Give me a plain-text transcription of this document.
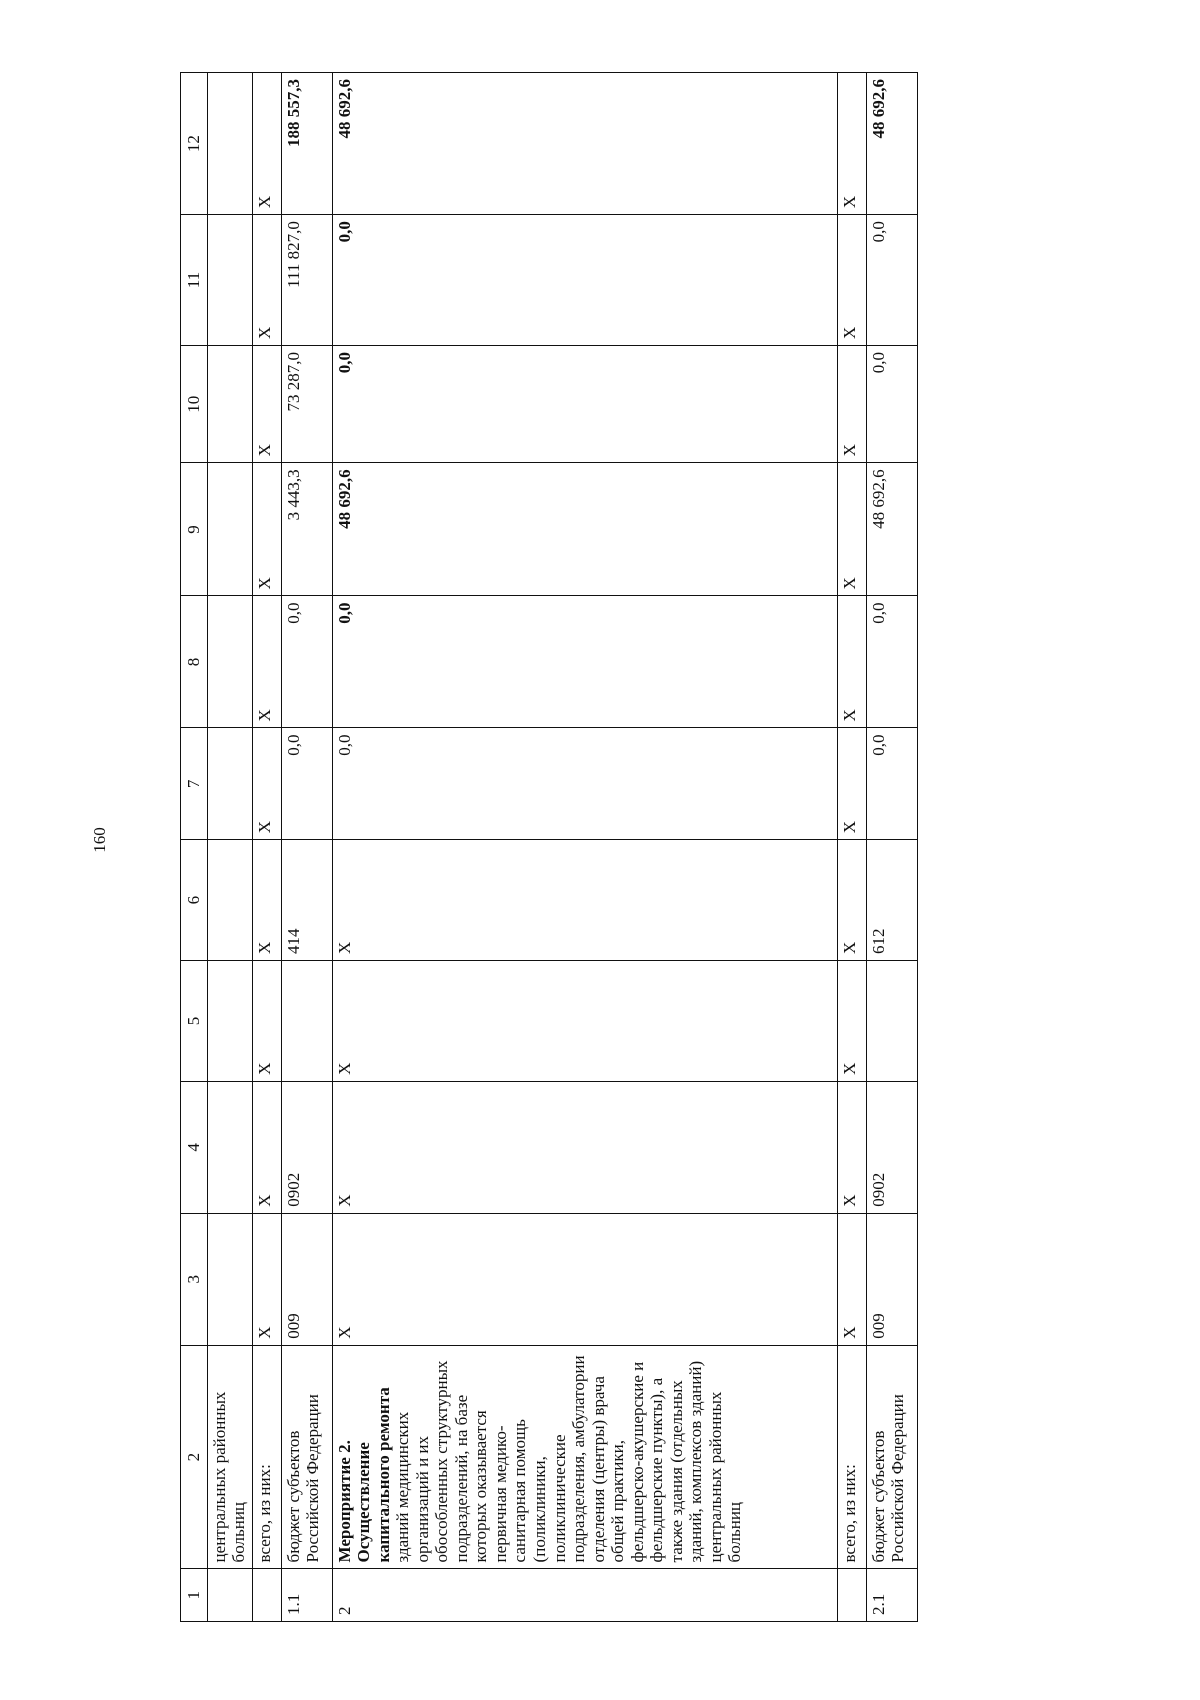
160
1	2	3	4	5	6	7	8	9	10	11	12
	центральных районных больниц										
	всего, из них:	X	X	X	X	X	X	X	X	X	X
1.1	бюджет субъектов Российской Федерации	009	0902		414	0,0	0,0	3 443,3	73 287,0	111 827,0	188 557,3
2	Мероприятие 2. Осуществление капитального ремонта зданий медицинских организаций и их обособленных структурных подразделений, на базе которых оказывается первичная медико-санитарная помощь (поликлиники, поликлинические подразделения, амбулатории отделения (центры) врача общей практики, фельдшерско-акушерские и фельдшерские пункты), а также здания (отдельных зданий, комплексов зданий) центральных районных больниц	X	X	X	X	0,0	0,0	48 692,6	0,0	0,0	48 692,6
	всего, из них:	X	X	X	X	X	X	X	X	X	X
2.1	бюджет субъектов Российской Федерации	009	0902		612	0,0	0,0	48 692,6	0,0	0,0	48 692,6
